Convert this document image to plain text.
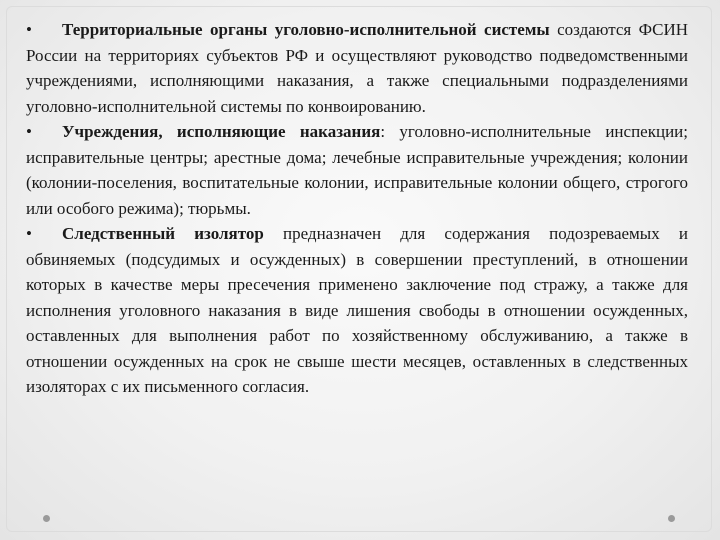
• Территориальные органы уголовно-исполнительной системы создаются ФСИН России на территориях субъектов РФ и осуществляют руководство подведомственными учреждениями, исполняющими наказания, а также специальными подразделениями уголовно-исполнительной системы по конвоированию.

• Учреждения, исполняющие наказания: уголовно-исполнительные инспекции; исправительные центры; арестные дома; лечебные исправительные учреждения; колонии (колонии-поселения, воспитательные колонии, исправительные колонии общего, строгого или особого режима); тюрьмы.

• Следственный изолятор предназначен для содержания подозреваемых и обвиняемых (подсудимых и осужденных) в совершении преступлений, в отношении которых в качестве меры пресечения применено заключение под стражу, а также для исполнения уголовного наказания в виде лишения свободы в отношении осужденных, оставленных для выполнения работ по хозяйственному обслуживанию, а также в отношении осужденных на срок не свыше шести месяцев, оставленных в следственных изоляторах с их письменного согласия.
